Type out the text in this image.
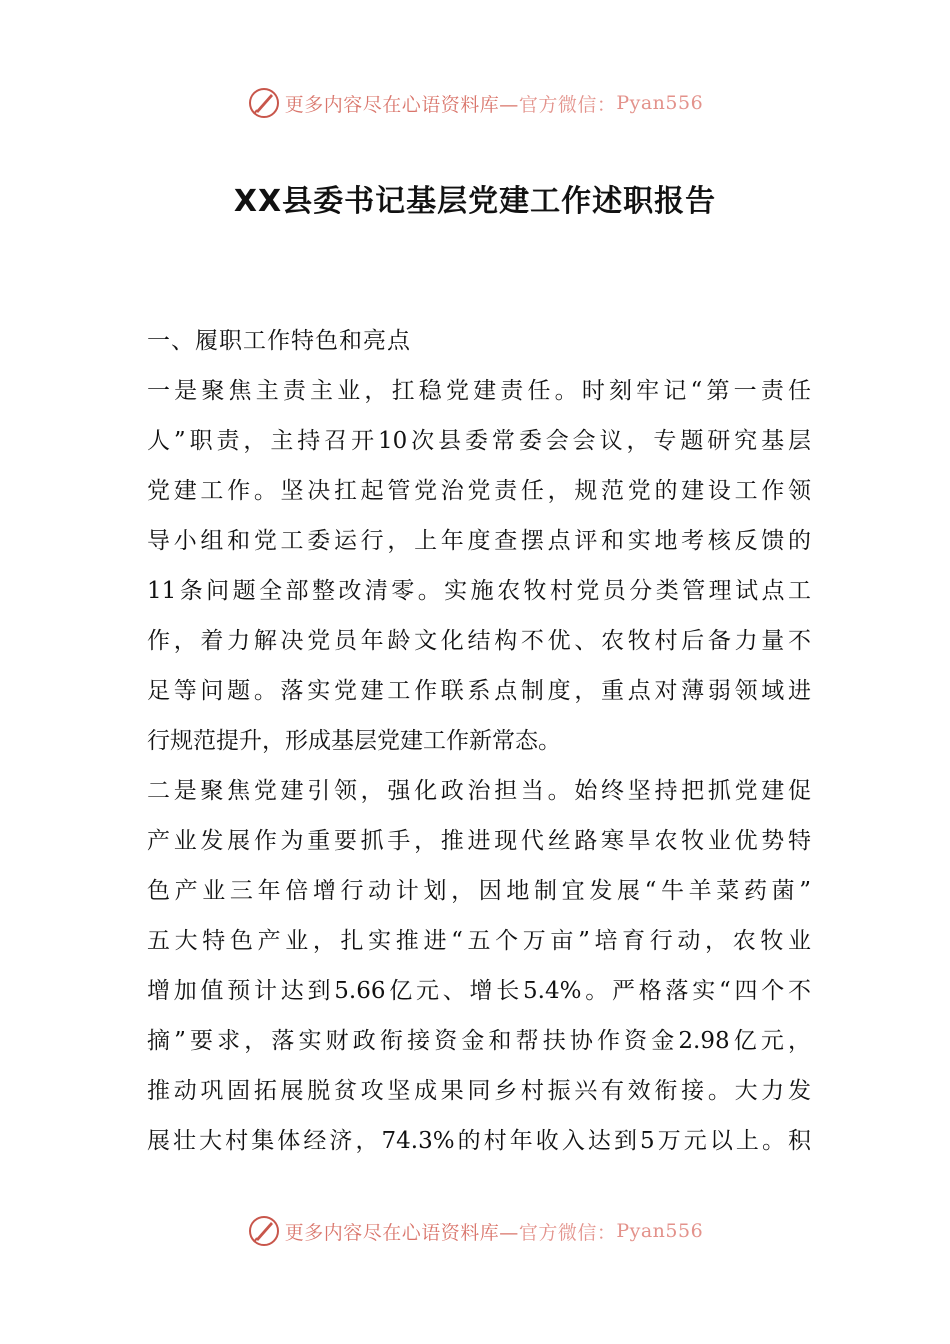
更多内容尽在心语资料库— 官方微信： Pyan556
XX县委书记基层党建工作述职报告
一、履职工作特色和亮点
一是聚焦主责主业，扛稳党建责任。时刻牢记“第一责任
人”职责，主持召开10次县委常委会会议，专题研究基层
党建工作。坚决扛起管党治党责任，规范党的建设工作领
导小组和党工委运行，上年度查摆点评和实地考核反馈的
11条问题全部整改清零。实施农牧村党员分类管理试点工
作，着力解决党员年龄文化结构不优、农牧村后备力量不
足等问题。落实党建工作联系点制度，重点对薄弱领域进
行规范提升，形成基层党建工作新常态。
二是聚焦党建引领，强化政治担当。始终坚持把抓党建促
产业发展作为重要抓手，推进现代丝路寒旱农牧业优势特
色产业三年倍增行动计划，因地制宜发展“牛羊菜药菌”
五大特色产业，扎实推进“五个万亩”培育行动，农牧业
增加值预计达到5.66亿元、增长5.4%。严格落实“四个不
摘”要求，落实财政衔接资金和帮扶协作资金2.98亿元，
推动巩固拓展脱贫攻坚成果同乡村振兴有效衔接。大力发
展壮大村集体经济，74.3%的村年收入达到5万元以上。积
更多内容尽在心语资料库— 官方微信： Pyan556
